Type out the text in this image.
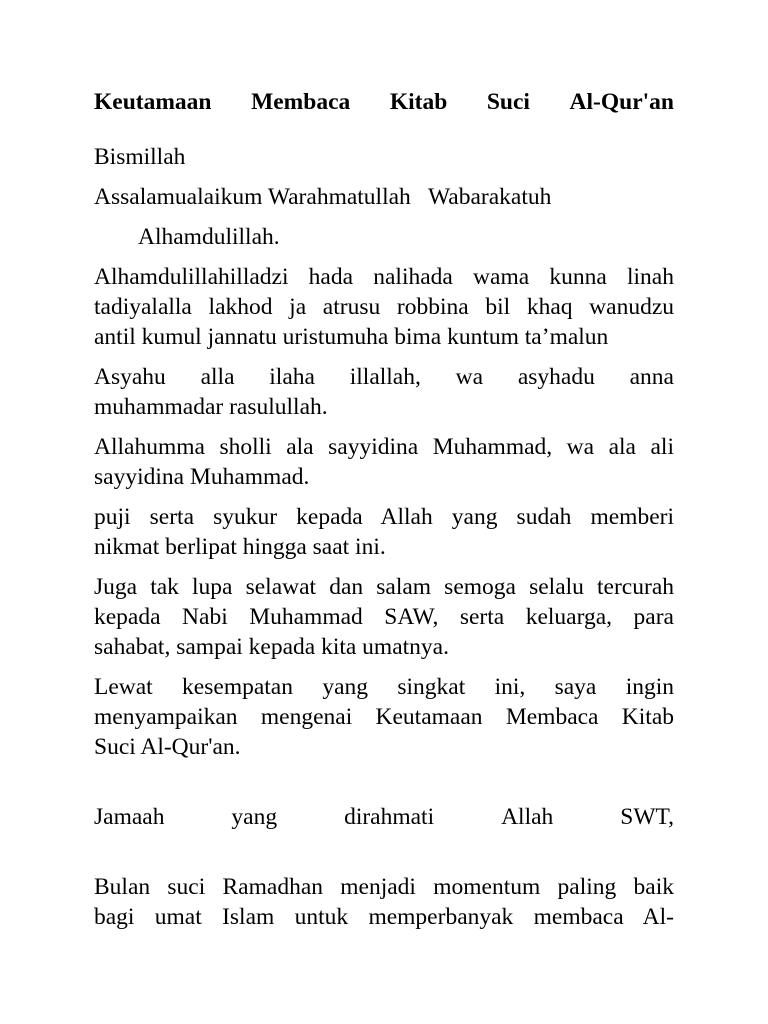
Keutamaan Membaca Kitab Suci Al-Qur'an
Bismillah
Assalamualaikum Warahmatullah   Wabarakatuh
Alhamdulillah.
Alhamdulillahilladzi hada nalihada wama kunna linah
tadiyalalla lakhod ja atrusu robbina bil khaq wanudzu
antil kumul jannatu uristumuha bima kuntum ta’malun
Asyahu alla ilaha illallah, wa asyhadu anna
muhammadar rasulullah.
Allahumma sholli ala sayyidina Muhammad, wa ala ali
sayyidina Muhammad.
puji serta syukur kepada Allah yang sudah memberi
nikmat berlipat hingga saat ini.
Juga tak lupa selawat dan salam semoga selalu tercurah
kepada Nabi Muhammad SAW, serta keluarga, para
sahabat, sampai kepada kita umatnya.
Lewat kesempatan yang singkat ini, saya ingin
menyampaikan mengenai Keutamaan Membaca Kitab
Suci Al-Qur'an.
Jamaah	yang	dirahmati	Allah	SWT,
Bulan suci Ramadhan menjadi momentum paling baik
bagi umat Islam untuk memperbanyak membaca Al-
